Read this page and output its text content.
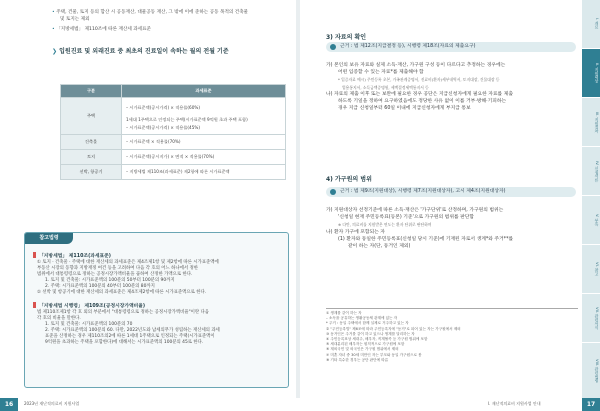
• 주택, 건물, 토지 등의 합산 시 공동재산, 대물공동 재산, 그 밖에 이에 준하는 공동 목적의 건축물
및 토지는 제외
• 「지방세법」 제110조에 따른 재산세 과세표준
❯ 입원진료 및 외래진료 중 최초의 진료일이 속하는 월의 전월 기준
구분	과세표준
주택	– 시가표준액(공시가격) × 적용률(60%)
1세대 1주택으로 인정되는 주택(시가표준액 9억원 초과 주택 포함)
– 시가표준액(공시가격) × 적용률(45%)

건축물	– 시가표준액 × 적용률(70%)
토지	– 시가표준액(공시지가) × 면적 × 적용률(70%)
선박, 항공기	– 지방세법 제110조(과세표준) 제2항에 따른 시가표준액
참고법령
「지방세법」 제110조(과세표준)
① 토지 · 건축물 · 주택에 대한 재산세의 과세표준은 제4조제1항 및 제2항에 따른 시가표준액에
부동산 시장의 동향과 지방재정 여건 등을 고려하여 다음 각 호의 어느 하나에서 정한
범위에서 대통령령으로 정하는 공정시장가액비율을 곱하여 산정한 가액으로 한다.
1. 토지 및 건축물: 시가표준액의 100분의 50부터 100분의 90까지
2. 주택: 시가표준액의 100분의 40부터 100분의 80까지
② 선박 및 항공기에 대한 재산세의 과세표준은 제4조제2항에 따른 시가표준액으로 한다.
「지방세법 시행령」 제109조(공정시장가액비율)
법 제110조제1항 각 호 외의 부분에서 "대통령령으로 정하는 공정시장가액비율"이란 다음
각 호의 비율을 말한다.
1. 토지 및 건축물: 시가표준액의 100분의 70
2. 주택: 시가표준액의 100분의 60. 다만, 2022년도와 납세의무가 성립하는 재산세의 과세
표준을 산정하는 경우 제110조의2에 따른 1세대 1주택으로 인정되는 주택(시가표준액이
9억원을 초과하는 주택을 포함한다)에 대해서는 시가표준액의 100분의 45로 한다.
3) 자료의 확인
근거 : 법 제12조(지급결정 등), 시행령 제18조(자료의 제출요구)
가) 본인의 보유 자료와 실제 소득·재산, 가구원 구성 등이 다르다고 추정하는 경우에는
어떤 입증할 수 있는 자료*를 제출해야 함
* 입증자료 예시) 주민등록 초본, 가족관계증명서, 진료비(환자)세부내역서, 토지대장, 건물대장 등
업용통지서, 소득금액증명원, 세액결정세액통지서 등
나) 자료의 제출 이후 또는 보완에 필요한 경우 공단은 지급신청자에게 필요한 자료를 제출
하도록 기일을 정하여 요구하였음에도 정당한 사유 없이 이를 거부·방해·기피하는
경우 지급 신청일부터 60일 이내에 지급신청자에게 부지급 통보
4) 가구원의 범위
근거 : 법 제9조(지원대상), 시행령 제7조(지원대상자), 고시 제4조(지원대상자)
가) 지원대상자 선정기준에 따른 소득·재산은 '가구단위'로 산정하며, 가구원의 범위는
'신청일 현재 주민등록표(등본) 기준'으로 가구원의 범위를 판단함
※ 다만, 의료비를 지원받은 연도는 환자 단위로 판단하며
나) 환자 가구에 포함되는 자
(1) 환자와 동일한 주민등록표(신청일 당시 기준)에 기재된 자로서 생계*와 주거**를
같이 하는 자(단, 동거인 제외)
① 생계를 같이 하는 자
– 소득을 공유하는 생활공동체 관계에 있는 자
* 주거 : 동일 주택에서 함께 실제로 거주하고 있는 자
② "주민등록법" 제6조에 따라 주민등록지에 "동거"로 되어 있는 자는 가구원에서 제외
③ 동거인은 주거를 같이 하고 있으나 생계를 달리하는 자
④ 주민등록표상 세대주, 배우자, 직계혈족 등 가구원 범위에 포함
⑤ 세대분리된 배우자는 원칙적으로 가구원에 포함
⑥ 재외국민 및 외국인은 가구원 범위에서 제외
⑦ 미혼 자녀 중 30세 미만인 자는 부모와 동일 가구원으로 봄
⑧ 기타 특수한 경우는 공단 판단에 따름
I. 개요
II. 지원대상
III. 지원절차
IV. 신청서류
V. 부록
VI. 참고
VII. 관련서식
VIII. 관련법령
16	2023년 재난적의료비 지원사업	I. 재난적의료비 지원사업 안내	17
